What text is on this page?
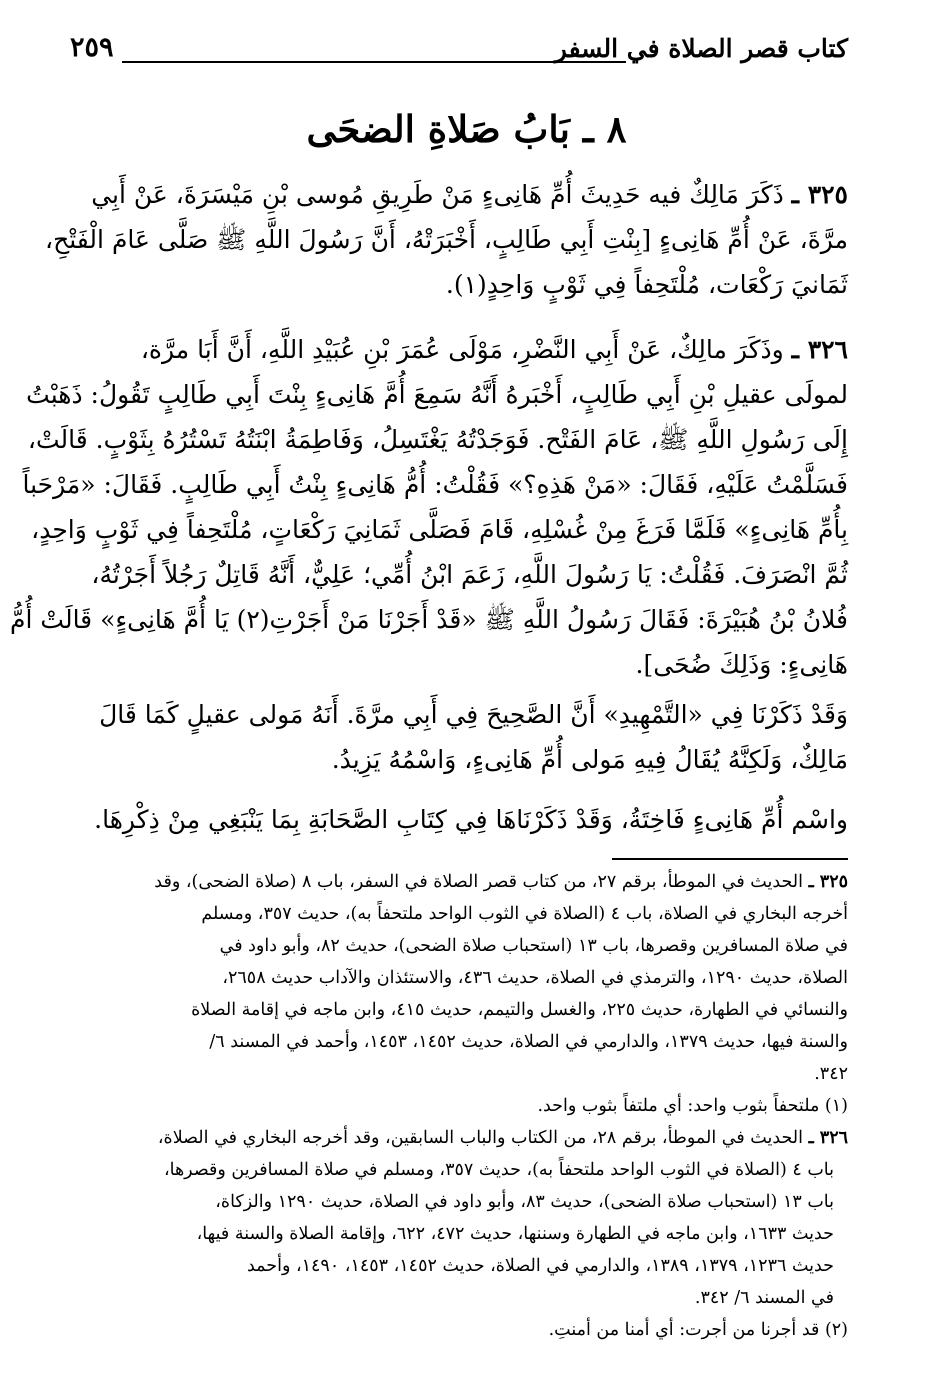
كتاب قصر الصلاة في السفر
٢٥٩
٨ ـ بَابُ صَلاةِ الضحَى
٣٢٥ ـ ذَكَرَ مَالِكٌ فيه حَدِيثَ أُمِّ هَانِىءٍ مَنْ طَرِيقِ مُوسى بْنِ مَيْسَرَةَ، عَنْ أَبِي
مرَّةَ، عَنْ أُمِّ هَانِىءٍ [بِنْتِ أَبِي طَالِبٍ، أَخْبَرَتْهُ، أَنَّ رَسُولَ اللَّهِ ﷺ صَلَّى عَامَ الْفَتْحِ،
ثَمَانيَ رَكْعَات، مُلْتَحِفاً فِي ثَوْبٍ وَاحِدٍ(١).
٣٢٦ ـ وذَكَرَ مالِكٌ، عَنْ أَبِي النَّضْرِ، مَوْلَى عُمَرَ بْنِ عُبَيْدِ اللَّهِ، أَنَّ أَبَا مرَّة،
لمولَى عقيلِ بْنِ أَبِي طَالِبٍ، أَخْبَرهُ أَنَّهُ سَمِعَ أُمَّ هَانِىءٍ بِنْتَ أَبِي طَالِبٍ تَقُولُ: ذَهَبْتُ
إِلَى رَسُولِ اللَّهِ ﷺ، عَامَ الفَتْح. فَوَجَدْتُهُ يَغْتَسِلُ، وَفَاطِمَةُ ابْنَتُهُ تَسْتُرُهُ بِثَوْبٍ. قَالَتْ،
فَسَلَّمْتُ عَلَيْهِ، فَقَالَ: «مَنْ هَذِهِ؟» فَقُلْتُ: أُمُّ هَانِىءٍ بِنْتُ أَبِي طَالِبٍ. فَقَالَ: «مَرْحَباً
بِأُمِّ هَانِىءٍ» فَلَمَّا فَرَغَ مِنْ غُسْلِهِ، قَامَ فَصَلَّى ثَمَانِيَ رَكْعَاتٍ، مُلْتَحِفاً فِي ثَوْبٍ وَاحِدٍ،
ثُمَّ انْصَرَفَ. فَقُلْتُ: يَا رَسُولَ اللَّهِ، زَعَمَ ابْنُ أُمِّي؛ عَلِيٌّ، أَنَّهُ قَاتِلٌ رَجُلاً أَجَرْتُهُ،
فُلانُ بْنُ هُبَيْرَةَ: فَقَالَ رَسُولُ اللَّهِ ﷺ «قَدْ أَجَرْنَا مَنْ أَجَرْتِ(٢) يَا أُمَّ هَانِىءٍ» قَالَتْ أُمُّ
هَانِىءٍ: وَذَلِكَ ضُحَى].
وَقَدْ ذَكَرْنَا فِي «التَّمْهِيدِ» أَنَّ الصَّحِيحَ فِي أَبِي مرَّةَ. أَنَهُ مَولى عقيلٍ كَمَا قَالَ
مَالِكٌ، وَلَكِنَّهُ يُقَالُ فِيهِ مَولى أُمِّ هَانِىءٍ، وَاسْمُهُ يَزِيدُ.
واسْم أُمِّ هَانِىءٍ فَاخِتَةُ، وَقَدْ ذَكَرْنَاهَا فِي كِتَابِ الصَّحَابَةِ بِمَا يَنْبَغِي مِنْ ذِكْرِهَا.
٣٢٥ ـ الحديث في الموطأ، برقم ٢٧، من كتاب قصر الصلاة في السفر، باب ٨ (صلاة الضحى)، وقد
أخرجه البخاري في الصلاة، باب ٤ (الصلاة في الثوب الواحد ملتحفاً به)، حديث ٣٥٧، ومسلم
في صلاة المسافرين وقصرها، باب ١٣ (استحباب صلاة الضحى)، حديث ٨٢، وأبو داود في
الصلاة، حديث ١٢٩٠، والترمذي في الصلاة، حديث ٤٣٦، والاستئذان والآداب حديث ٢٦٥٨،
والنسائي في الطهارة، حديث ٢٢٥، والغسل والتيمم، حديث ٤١٥، وابن ماجه في إقامة الصلاة
والسنة فيها، حديث ١٣٧٩، والدارمي في الصلاة، حديث ١٤٥٢، ١٤٥٣، وأحمد في المسند ٦/
٣٤٢.
(١) ملتحفاً بثوب واحد: أي ملتفاً بثوب واحد.
٣٢٦ ـ الحديث في الموطأ، برقم ٢٨، من الكتاب والباب السابقين، وقد أخرجه البخاري في الصلاة،
باب ٤ (الصلاة في الثوب الواحد ملتحفاً به)، حديث ٣٥٧، ومسلم في صلاة المسافرين وقصرها،
باب ١٣ (استحباب صلاة الضحى)، حديث ٨٣، وأبو داود في الصلاة، حديث ١٢٩٠ والزكاة،
حديث ١٦٣٣، وابن ماجه في الطهارة وسننها، حديث ٤٧٢، ٦٢٢، وإقامة الصلاة والسنة فيها،
حديث ١٢٣٦، ١٣٧٩، ١٣٨٩، والدارمي في الصلاة، حديث ١٤٥٢، ١٤٥٣، ١٤٩٠، وأحمد
في المسند ٦/ ٣٤٢.
(٢) قد أجرنا من أجرت: أي أمنا من أمنتِ.
